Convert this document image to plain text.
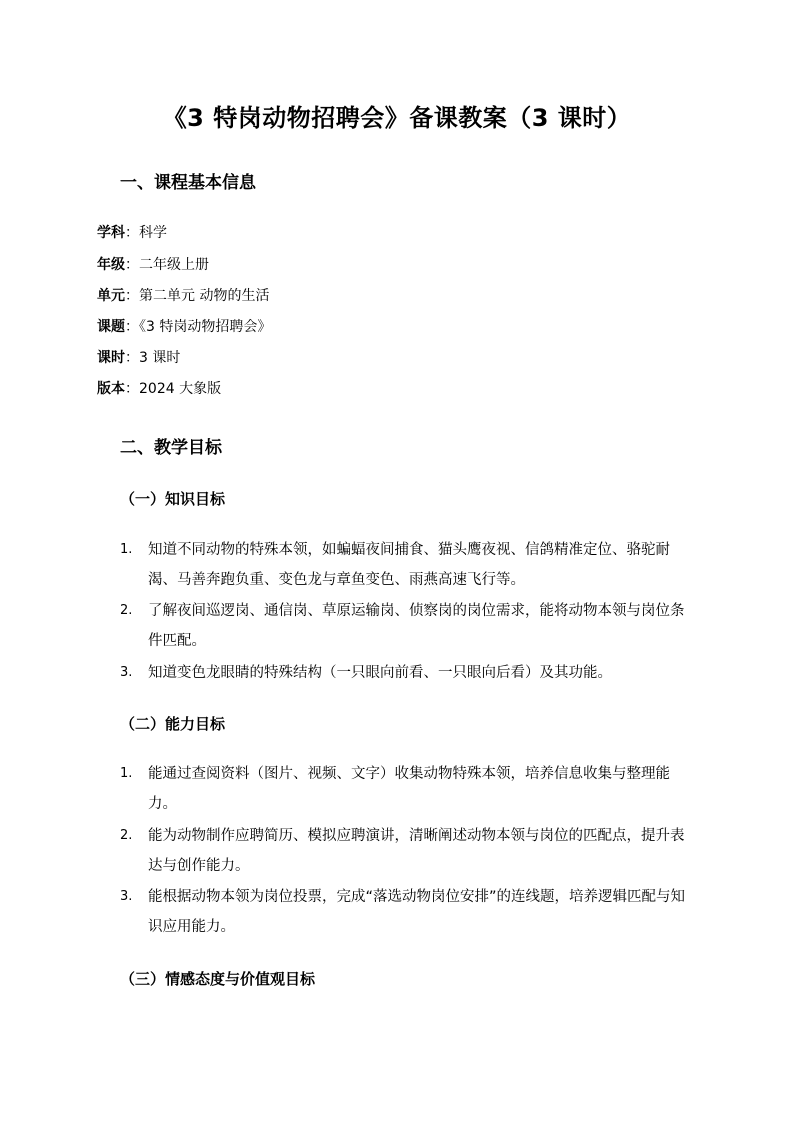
《3 特岗动物招聘会》备课教案（3 课时）
一、课程基本信息
学科：科学
年级：二年级上册
单元：第二单元 动物的生活
课题：《3 特岗动物招聘会》
课时：3 课时
版本：2024 大象版
二、教学目标
（一）知识目标
1.	知道不同动物的特殊本领，如蝙蝠夜间捕食、猫头鹰夜视、信鸽精准定位、骆驼耐渴、马善奔跑负重、变色龙与章鱼变色、雨燕高速飞行等。
2.	了解夜间巡逻岗、通信岗、草原运输岗、侦察岗的岗位需求，能将动物本领与岗位条件匹配。
3.	知道变色龙眼睛的特殊结构（一只眼向前看、一只眼向后看）及其功能。
（二）能力目标
1.	能通过查阅资料（图片、视频、文字）收集动物特殊本领，培养信息收集与整理能力。
2.	能为动物制作应聘简历、模拟应聘演讲，清晰阐述动物本领与岗位的匹配点，提升表达与创作能力。
3.	能根据动物本领为岗位投票，完成“落选动物岗位安排”的连线题，培养逻辑匹配与知识应用能力。
（三）情感态度与价值观目标
